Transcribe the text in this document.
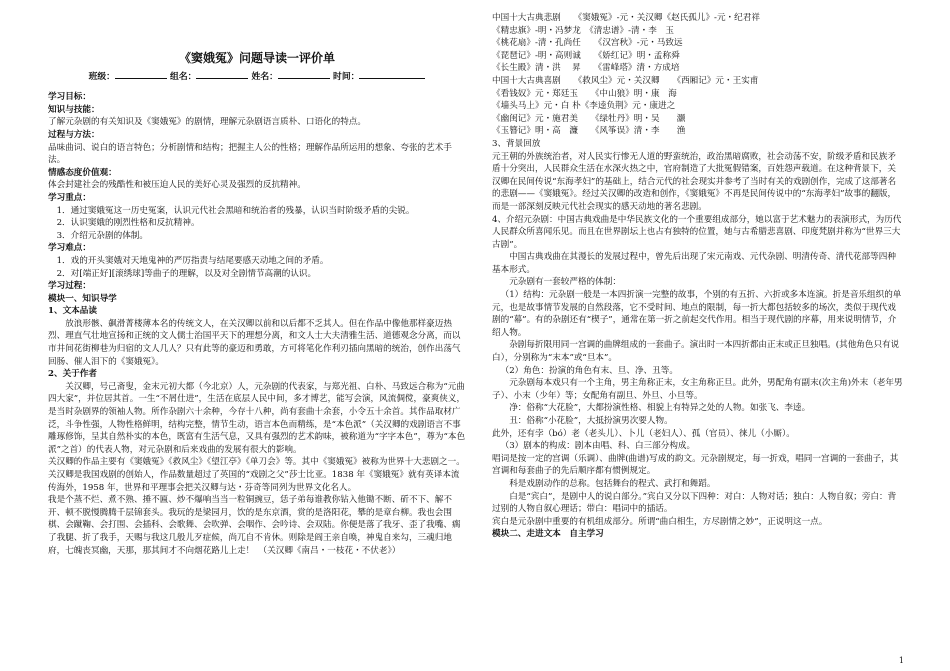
《窦娥冤》问题导读一评价单
班级：	组名：	姓名：	时间：

学习目标：

知识与技能：

了解元杂剧的有关知识及《窦娥冤》的剧情，理解元杂剧语言质朴、口语化的特点。

过程与方法：

品味曲词、说白的语言特色；分析剧情和结构；把握主人公的性格；理解作品所运用的想象、夸张的艺术手法。

情感态度价值观：

体会封建社会的残酷性和被压迫人民的美好心灵及强烈的反抗精神。

学习重点：

1．通过窦娥冤这一历史冤案，认识元代社会黑暗和统治者的残暴，认识当时阶级矛盾的尖锐。

2．认识窦娥的刚烈性格和反抗精神。

3．介绍元杂剧的体制。

学习难点：

1．戏的开头窦娥对天地鬼神的严厉指责与结尾要感天动地之间的矛盾。

2．对[端正好][滚绣球]等曲子的理解，以及对全剧情节高潮的认识。

学习过程：

模块一、知识导学

1、文本品读

放浪形骸、飙滑菁楼薄本名的传统文人，在关汉卿以前和以后都不乏其人。但在作品中像他那样豪迈热烈、理直气壮地宣扬和正统的文人儒士治国平天下的理想分离，和文人士大夫清雅生活、道德观念分离，而以市井间花街柳巷为归宿的文人几人？只有此等的豪迈和勇敢，方可将笔化作利刃插向黑暗的统治，创作出荡气回肠、催人泪下的《窦娥冤》。

2、关于作者

关汉卿，号己斋叟，金末元初大都（今北京）人，元杂剧的代表家，与郑光祖、白朴、马致远合称为“元曲四大家”，并位居其首。一生“不屑仕进”，生活在底层人民中间，多才博艺，能写会演，风流倜傥，豪爽侠义，是当时杂剧界的领袖人物。所作杂剧六十余种，今存十八种，尚有套曲十余套，小令五十余首。其作品取材广泛，斗争性强，人物性格鲜明，结构完整，情节生动，语言本色而精练，是“本色派”（关汉卿的戏剧语言不事雕琢修饰，呈其自然朴实的本色，既富有生活气息，又具有强烈的艺术韵味，被称道为“字字本色”，尊为“本色派”之首）的代表人物，对元杂剧和后来戏曲的发展有很大的影响。

关汉卿的作品主要有《窦娥冤》《救风尘》《望江亭》《单刀会》等。其中《窦娥冤》被称为世界十大悲剧之一。关汉卿是我国戏剧的创始人，作品数量超过了英国的“戏剧之父”莎士比亚。1838 年《窦娥冤》就有英译本流传海外，1958 年，世界和平理事会把关汉卿与达・芬奇等同列为世界文化名人。

我是个蒸不烂、煮不熟、捶不匾、炒不爆响当当一粒铜豌豆，恁子弟每谁教你钻入他锄不断、斫不下、解不开、顿不脱慢腾腾千层锦套头。我玩的是梁园月，饮的是东京酒，赏的是洛阳花，攀的是章台柳。我也会围棋、会蹴鞠、会打围、会插科、会歌舞、会吹弹、会咽作、会吟诗、会双陆。你便是落了我牙、歪了我嘴、瘸了我腿、折了我手，天赐与我这几般儿歹症候，尚兀自不肯休。则除是阎王亲自唤，神鬼自来勾，三魂归地府，七魄丧冥幽，天那，那其间才不向烟花路儿上走！　（关汉卿《南吕・一枝花・不伏老》）

中国十大古典悲剧　　《窦娥冤》-元・关汉卿《赵氏孤儿》-元・纪君祥

《精忠旗》-明・冯梦龙　《清忠谱》-清・李　玉

《桃花扇》-清・孔尚任　　《汉宫秋》-元・马致远

《琵琶记》-明・高则诚　　《娇红记》明・孟称舜

《长生殿》清・洪　 昇　　《雷峰塔》清・方成培

中国十大古典喜剧　　《救风尘》元・关汉卿　　《西厢记》元・王实甫

《看钱奴》元・郑廷玉　　《中山狼》明・康　海

《墙头马上》元・白 朴《李逵负荆》元・康进之

《幽闺记》元・施君美　　《绿牡丹》明・吴　　灏

《玉簪记》明・高　濂　　《风筝误》清・李　　渔

3、背景回放

元王朝的外族统治者，对人民实行惨无人道的野蛮统治，政治黑暗腐败，社会动荡不安，阶级矛盾和民族矛盾十分突出，人民群众生活在水深火热之中，官府制造了大批冤假错案，百姓怨声载道。在这种背景下，关汉卿在民间传说“东海孝妇”的基础上，结合元代的社会现实并参考了当时有关的戏剧创作，完成了这部著名的悲剧——《窦娥冤》。经过关汉卿的改造和创作，《窦娥冤》不再是民间传说中的“东海孝妇”故事的翻版，而是一部深刻反映元代社会现实的感天动地的著名悲剧。

4、介绍元杂剧：中国古典戏曲是中华民族文化的一个重要组成部分，她以富于艺术魅力的表演形式，为历代人民群众所喜闻乐见。而且在世界剧坛上也占有独特的位置，她与古希腊悲喜剧、印度梵剧并称为“世界三大古剧”。

中国古典戏曲在其漫长的发展过程中，曾先后出现了宋元南戏、元代杂剧、明清传奇、清代花部等四种基本形式。

元杂剧有一套较严格的体制：

（1）结构：元杂剧一般是一本四折演一完整的故事，个别的有五折、六折或多本连演。折是音乐组织的单元，也是故事情节发展的自然段落，它不受时间、地点的限制，每一折大都包括较多的场次，类似于现代戏剧的“幕”。有的杂剧还有“楔子”，通常在第一折之前起交代作用。相当于现代剧的序幕，用来说明情节，介绍人物。

杂剧每折限用同一宫调的曲牌组成的一套曲子。演出时一本四折都由正末或正旦独唱。(其他角色只有说白），分别称为“末本”或“旦本”。

（2）角色：扮演的角色有末、旦、净、丑等。

元杂剧每本戏只有一个主角，男主角称正末，女主角称正旦。此外，男配角有副末(次主角)外末（老年男子）、小末（少年）等；女配角有副旦、外旦、小旦等。

净：俗称“大花脸”，大都扮演性格、相貌上有特异之处的人物。如张飞、李逵。

丑：俗称“小花脸”，大抵扮演男次要人物。

此外，还有孛（bó）老（老头儿）、卜儿（老妇人）、孤（官员）、徕儿（小厮）。

（3）剧本的构成：剧本由唱、科、白三部分构成。

唱词是按一定的宫调（乐调）、曲牌(曲谱)写成的韵文。元杂剧规定，每一折戏，唱同一宫调的一套曲子，其宫调和每套曲子的先后顺序都有惯例规定。

科是戏剧动作的总称。包括舞台的程式、武打和舞蹈。

白是“宾白”，是剧中人的说白部分。”宾白又分以下四种：对白：人物对话；独白：人物自叙；旁白：背过别的人物自叙心理话；带白：唱词中的插话。

宾白是元杂剧中重要的有机组成部分。所谓“曲白相生，方尽剧情之妙”，正说明这一点。

模块二、走进文本　自主学习

1
